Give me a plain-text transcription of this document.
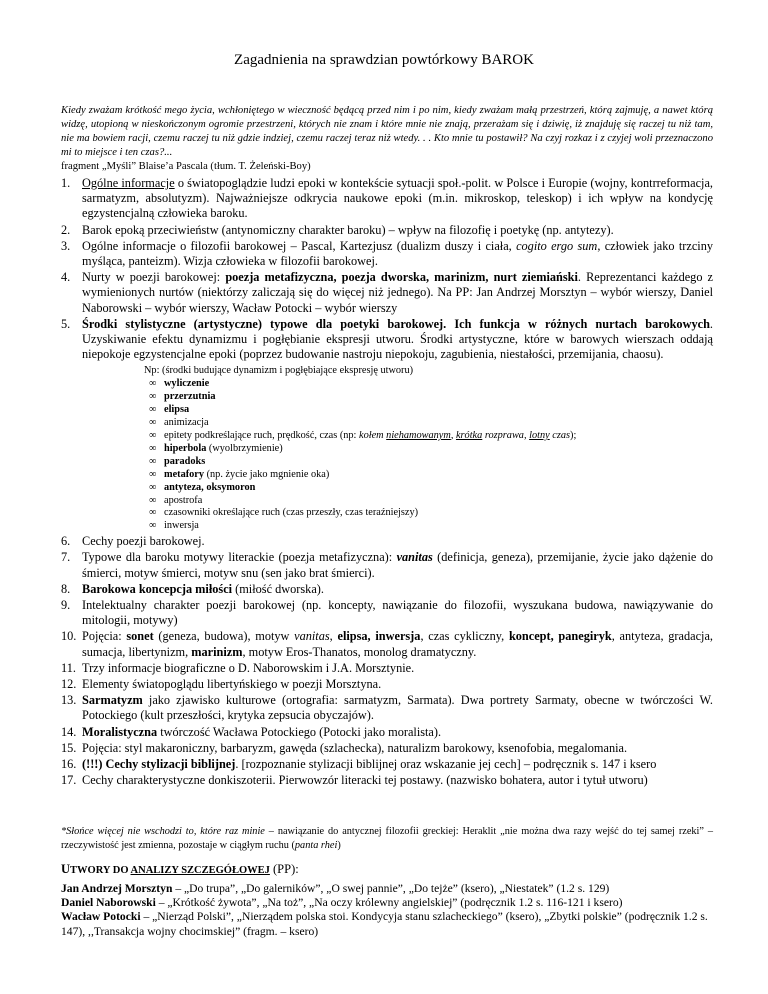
Zagadnienia na sprawdzian powtórkowy BAROK
Kiedy zważam krótkość mego życia, wchłoniętego w wieczność będącą przed nim i po nim, kiedy zważam małą przestrzeń, którą zajmuję, a nawet którą widzę, utopioną w nieskończonym ogromie przestrzeni, których nie znam i które mnie nie znają, przerażam się i dziwię, iż znajduję się raczej tu niż tam, nie ma bowiem racji, czemu raczej tu niż gdzie indziej, czemu raczej teraz niż wtedy. . . Kto mnie tu postawił? Na czyj rozkaz i z czyjej woli przeznaczono mi to miejsce i ten czas?...
fragment „Myśli” Blaise’a Pascala (tłum. T. Żeleński-Boy)
1. Ogólne informacje o światopoglądzie ludzi epoki w kontekście sytuacji społ.-polit. w Polsce i Europie (wojny, kontrreformacja, sarmatyzm, absolutyzm). Najważniejsze odkrycia naukowe epoki (m.in. mikroskop, teleskop) i ich wpływ na kondycję egzystencjalną człowieka baroku.
2. Barok epoką przeciwieństw (antynomiczny charakter baroku) – wpływ na filozofię i poetykę (np. antytezy).
3. Ogólne informacje o filozofii barokowej – Pascal, Kartezjusz (dualizm duszy i ciała, cogito ergo sum, człowiek jako trzciny myśląca, panteizm). Wizja człowieka w filozofii barokowej.
4. Nurty w poezji barokowej: poezja metafizyczna, poezja dworska, marinizm, nurt ziemiański. Reprezentanci każdego z wymienionych nurtów (niektórzy zaliczają się do więcej niż jednego). Na PP: Jan Andrzej Morsztyn – wybór wierszy, Daniel Naborowski – wybór wierszy, Wacław Potocki – wybór wierszy
5. Środki stylistyczne (artystyczne) typowe dla poetyki barokowej. Ich funkcja w różnych nurtach barokowych. Uzyskiwanie efektu dynamizmu i pogłębianie ekspresji utworu. Środki artystyczne, które w barowych wierszach oddają niepokoje egzystencjalne epoki (poprzez budowanie nastroju niepokoju, zagubienia, niestałości, przemijania, chaosu).
Np: (środki budujące dynamizm i pogłębiające ekspresję utworu)
∞ wyliczenie
∞ przerzutnia
∞ elipsa
∞ animizacja
∞ epitety podkreślające ruch, prędkość, czas (np: kołem niehamowanym, krótka rozprawa, lotny czas);
∞ hiperbola (wyolbrzymienie)
∞ paradoks
∞ metafory (np. życie jako mgnienie oka)
∞ antyteza, oksymoron
∞ apostrofa
∞ czasowniki określające ruch (czas przeszły, czas teraźniejszy)
∞ inwersja
6. Cechy poezji barokowej.
7. Typowe dla baroku motywy literackie (poezja metafizyczna): vanitas (definicja, geneza), przemijanie, życie jako dążenie do śmierci, motyw śmierci, motyw snu (sen jako brat śmierci).
8. Barokowa koncepcja miłości (miłość dworska).
9. Intelektualny charakter poezji barokowej (np. koncepty, nawiązanie do filozofii, wyszukana budowa, nawiązywanie do mitologii, motywy)
10. Pojęcia: sonet (geneza, budowa), motyw vanitas, elipsa, inwersja, czas cykliczny, koncept, panegiryk, antyteza, gradacja, sumacja, libertynizm, marinizm, motyw Eros-Thanatos, monolog dramatyczny.
11. Trzy informacje biograficzne o D. Naborowskim i J.A. Morsztynie.
12. Elementy światopoglądu libertyńskiego w poezji Morsztyna.
13. Sarmatyzm jako zjawisko kulturowe (ortografia: sarmatyzm, Sarmata). Dwa portrety Sarmaty, obecne w twórczości W. Potockiego (kult przeszłości, krytyka zepsucia obyczajów).
14. Moralistyczna twórczość Wacława Potockiego (Potocki jako moralista).
15. Pojęcia: styl makaroniczny, barbaryzm, gawęda (szlachecka), naturalizm barokowy, ksenofobia, megalomania.
16. (!!!) Cechy stylizacji biblijnej. [rozpoznanie stylizacji biblijnej oraz wskazanie jej cech] – podręcznik s. 147 i ksero
17. Cechy charakterystyczne donkiszoterii. Pierwowzór literacki tej postawy. (nazwisko bohatera, autor i tytuł utworu)
*Słońce więcej nie wschodzi to, które raz minie – nawiązanie do antycznej filozofii greckiej: Heraklit „nie można dwa razy wejść do tej samej rzeki” – rzeczywistość jest zmienna, pozostaje w ciągłym ruchu (panta rhei)
UTWORY DO ANALIZY SZCZEGÓŁOWEJ (PP):

Jan Andrzej Morsztyn – „Do trupa”, „Do galerników”, „O swej pannie”, „Do tejże” (ksero), „Niestatek” (1.2 s. 129)

Daniel Naborowski – „Krótkość żywota”, „Na toż”, „Na oczy królewny angielskiej” (podręcznik 1.2 s. 116-121 i ksero)

Wacław Potocki – „Nierząd Polski”, „Nierządem polska stoi. Kondycyja stanu szlacheckiego” (ksero), „Zbytki polskie” (podręcznik 1.2 s. 147), ,,Transakcja wojny chocimskiej” (fragm. – ksero)
